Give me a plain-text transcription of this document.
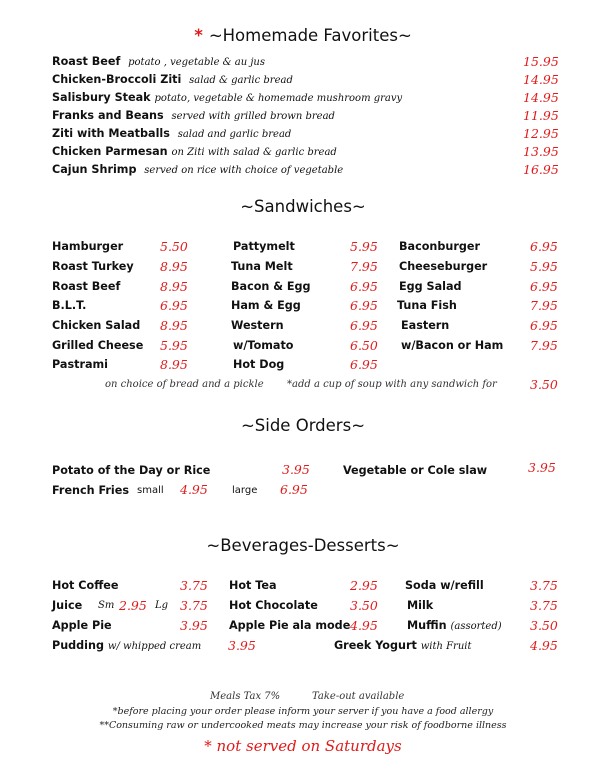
* ~Homemade Favorites~
Roast Beef potato , vegetable & au jus	15.95
Chicken-Broccoli Ziti salad & garlic bread	14.95
Salisbury Steak potato, vegetable & homemade mushroom gravy	14.95
Franks and Beans served with grilled brown bread	11.95
Ziti with Meatballs salad and garlic bread	12.95
Chicken Parmesan on Ziti with salad & garlic bread	13.95
Cajun Shrimp served on rice with choice of vegetable	16.95
~Sandwiches~
Hamburger	5.50
Roast Turkey 8.95
Roast Beef	8.95
B.L.T.	6.95
Chicken Salad 8.95
Grilled Cheese 5.95
Pastrami	8.95
Pattymelt	5.95
Tuna Melt	7.95
Bacon & Egg	6.95
Ham & Egg	6.95
Western	6.95
w/Tomato	6.50
Hot Dog	6.95
Baconburger	6.95
Cheeseburger	5.95
Egg Salad	6.95
Tuna Fish	7.95
Eastern	6.95
w/Bacon or Ham 7.95
on choice of bread and a pickle *add a cup of soup with any sandwich for	3.50
~Side Orders~
Potato of the Day or Rice	3.95	Vegetable or Cole slaw	3.95
French Fries small 4.95 large 6.95
~Beverages-Desserts~
Hot Coffee	3.75
Juice Sm 2.95 Lg 3.75
Apple Pie	3.95
Pudding w/ whipped cream 3.95
Hot Tea	2.95
Hot Chocolate	3.50
Apple Pie ala mode 4.95
Greek Yogurt with Fruit	4.95
Soda w/refill	3.75
Milk	3.75
Muffin (assorted) 3.50
Meals Tax 7%	Take-out available
*before placing your order please inform your server if you have a food allergy
**Consuming raw or undercooked meats may increase your risk of foodborne illness
* not served on Saturdays
